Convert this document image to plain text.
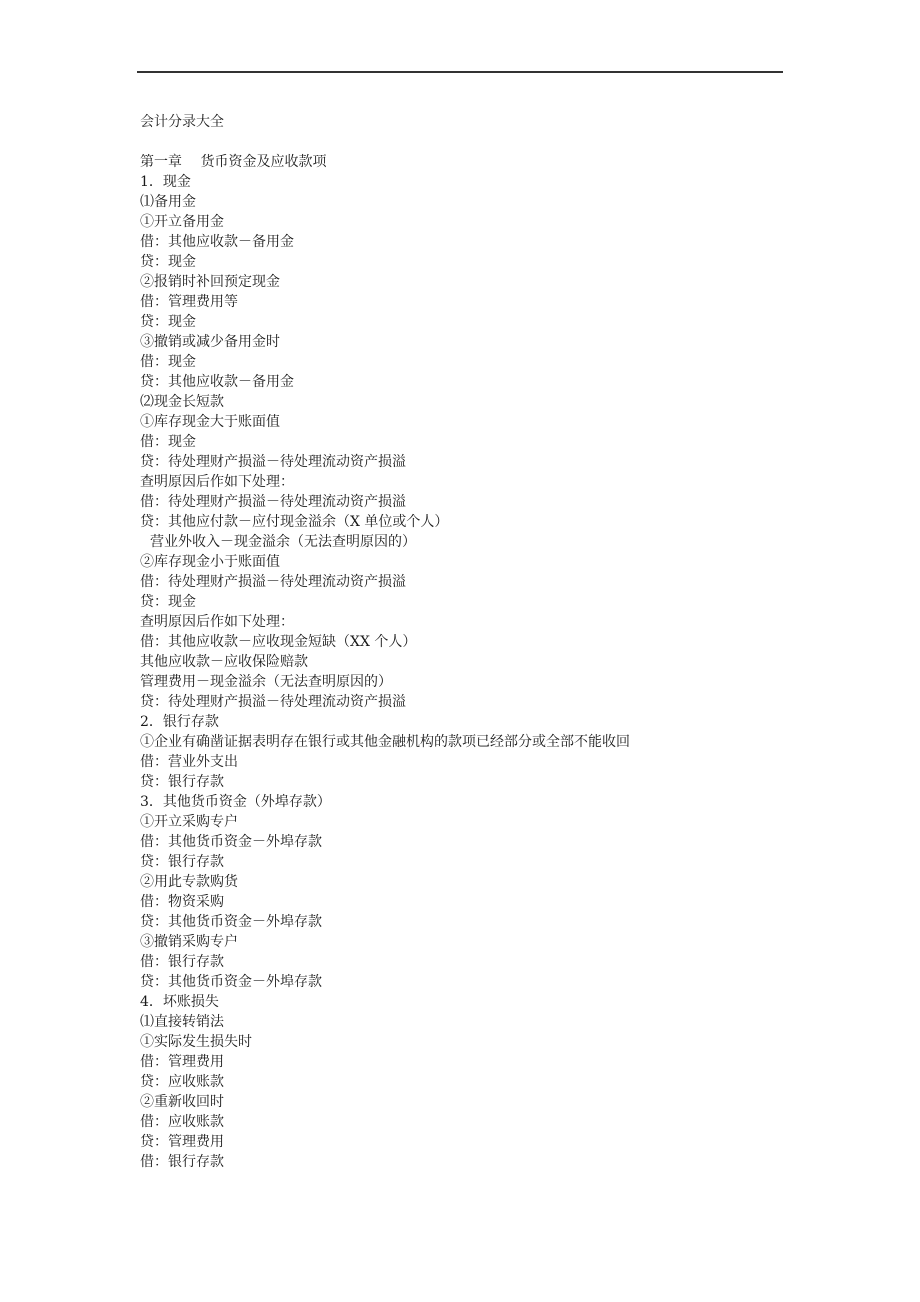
会计分录大全
第一章　 货币资金及应收款项
1．现金
⑴备用金
①开立备用金
借：其他应收款－备用金
贷：现金
②报销时补回预定现金
借：管理费用等
贷：现金
③撤销或减少备用金时
借：现金
贷：其他应收款－备用金
⑵现金长短款
①库存现金大于账面值
借：现金
贷：待处理财产损溢－待处理流动资产损溢
查明原因后作如下处理：
借：待处理财产损溢－待处理流动资产损溢
贷：其他应付款－应付现金溢余（X 单位或个人）
营业外收入－现金溢余（无法查明原因的）
②库存现金小于账面值
借：待处理财产损溢－待处理流动资产损溢
贷：现金
查明原因后作如下处理：
借：其他应收款－应收现金短缺（XX 个人）
其他应收款－应收保险赔款
管理费用－现金溢余（无法查明原因的）
贷：待处理财产损溢－待处理流动资产损溢
2．银行存款
①企业有确凿证据表明存在银行或其他金融机构的款项已经部分或全部不能收回
借：营业外支出
贷：银行存款
3．其他货币资金（外埠存款）
①开立采购专户
借：其他货币资金－外埠存款
贷：银行存款
②用此专款购货
借：物资采购
贷：其他货币资金－外埠存款
③撤销采购专户
借：银行存款
贷：其他货币资金－外埠存款
4．坏账损失
⑴直接转销法
①实际发生损失时
借：管理费用
贷：应收账款
②重新收回时
借：应收账款
贷：管理费用
借：银行存款
